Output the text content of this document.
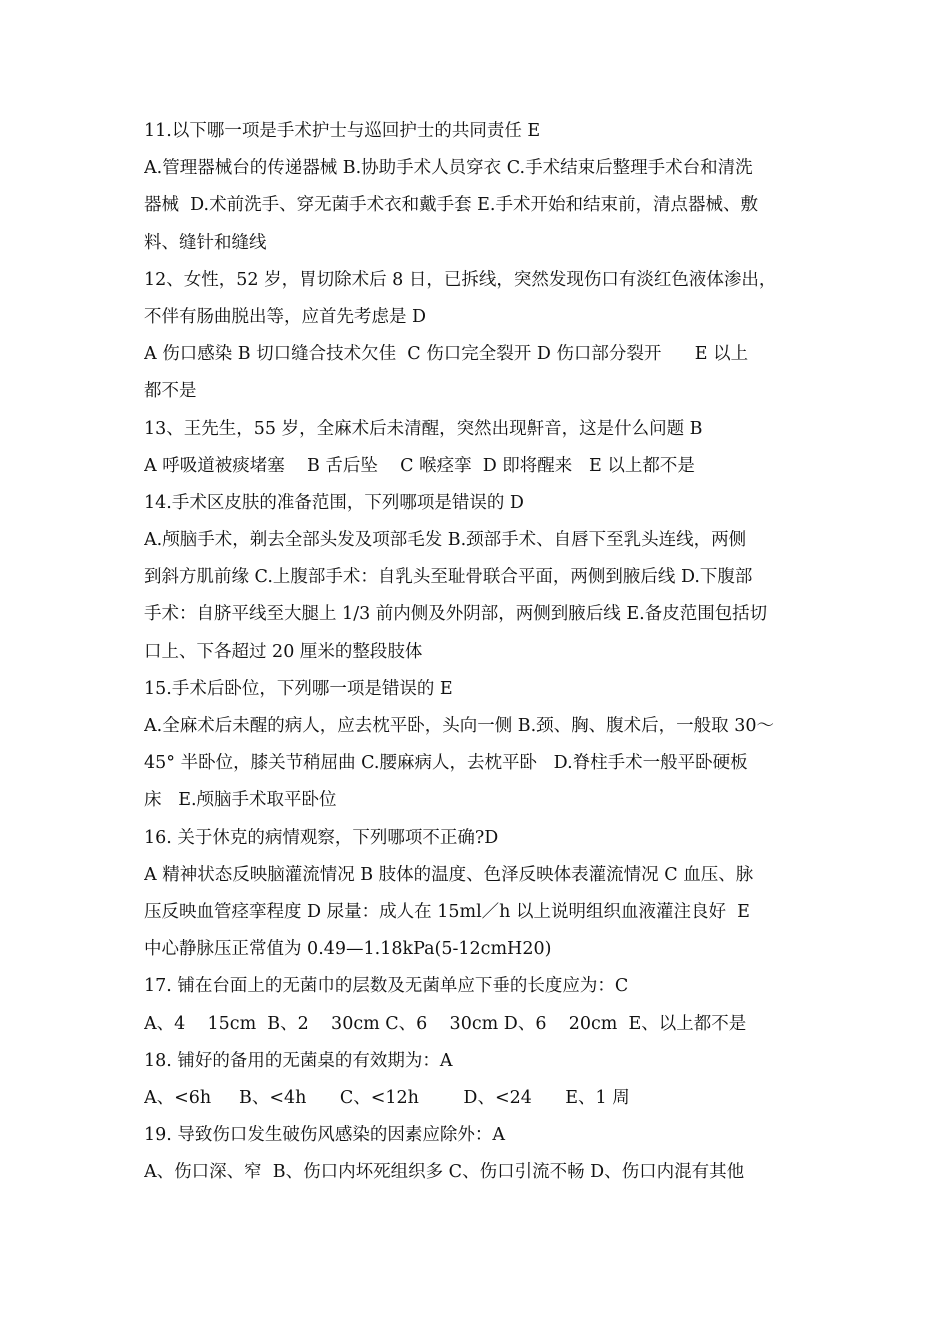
11.以下哪一项是手术护士与巡回护士的共同责任 E
A.管理器械台的传递器械 B.协助手术人员穿衣 C.手术结束后整理手术台和清洗
器械  D.术前洗手、穿无菌手术衣和戴手套 E.手术开始和结束前，清点器械、敷
料、缝针和缝线
12、女性，52 岁，胃切除术后 8 日，已拆线，突然发现伤口有淡红色液体渗出，
不伴有肠曲脱出等，应首先考虑是 D
A 伤口感染 B 切口缝合技术欠佳  C 伤口完全裂开 D 伤口部分裂开      E 以上
都不是
13、王先生，55 岁，全麻术后未清醒，突然出现鼾音，这是什么问题 B
A 呼吸道被痰堵塞    B 舌后坠    C 喉痉挛  D 即将醒来   E 以上都不是
14.手术区皮肤的准备范围，下列哪项是错误的 D
A.颅脑手术，剃去全部头发及项部毛发 B.颈部手术、自唇下至乳头连线，两侧
到斜方肌前缘 C.上腹部手术：自乳头至耻骨联合平面，两侧到腋后线 D.下腹部
手术：自脐平线至大腿上 1/3 前内侧及外阴部，两侧到腋后线 E.备皮范围包括切
口上、下各超过 20 厘米的整段肢体
15.手术后卧位，下列哪一项是错误的 E
A.全麻术后未醒的病人，应去枕平卧，头向一侧 B.颈、胸、腹术后，一般取 30～
45° 半卧位，膝关节稍屈曲 C.腰麻病人，去枕平卧   D.脊柱手术一般平卧硬板
床   E.颅脑手术取平卧位
16. 关于休克的病情观察，下列哪项不正确?D
A 精神状态反映脑灌流情况 B 肢体的温度、色泽反映体表灌流情况 C 血压、脉
压反映血管痉挛程度 D 尿量：成人在 15ml／h 以上说明组织血液灌注良好  E
中心静脉压正常值为 0.49—1.18kPa(5-12cmH20)
17. 铺在台面上的无菌巾的层数及无菌单应下垂的长度应为：C
A、4    15cm  B、2    30cm C、6    30cm D、6    20cm  E、以上都不是
18. 铺好的备用的无菌桌的有效期为：A
A、<6h     B、<4h      C、<12h        D、<24      E、1 周
19. 导致伤口发生破伤风感染的因素应除外：A
A、伤口深、窄  B、伤口内坏死组织多 C、伤口引流不畅 D、伤口内混有其他
